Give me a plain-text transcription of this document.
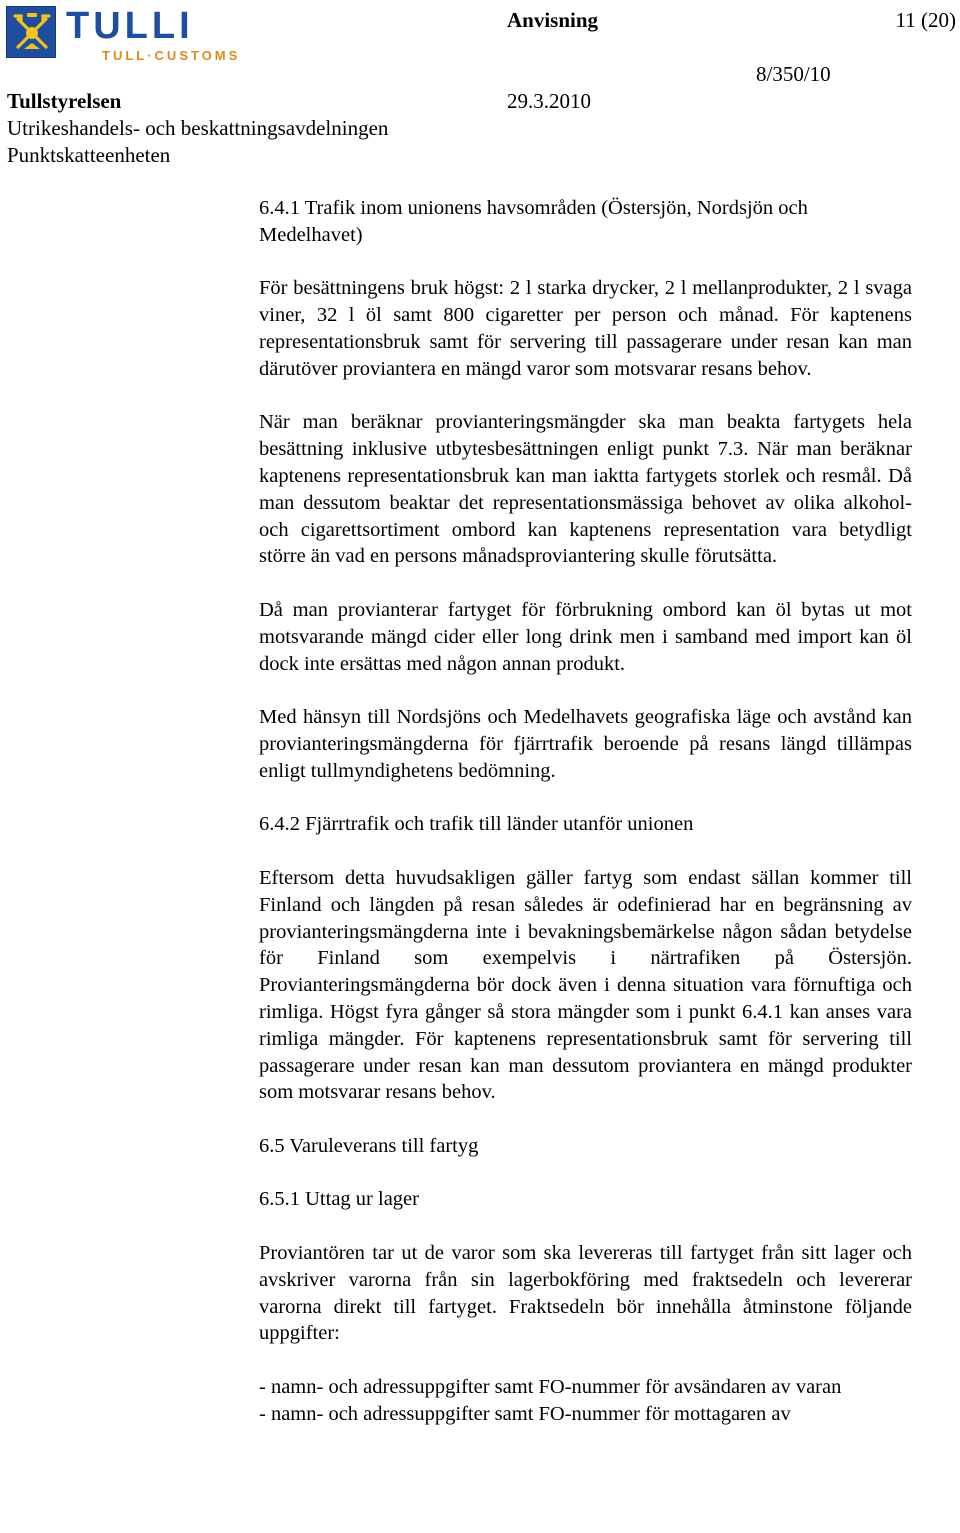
TULLI
TULL·CUSTOMS
Anvisning	11 (20)
8/350/10
Tullstyrelsen	29.3.2010
Utrikeshandels- och beskattningsavdelningen
Punktskatteenheten

6.4.1 Trafik inom unionens havsområden (Östersjön, Nordsjön och Medelhavet)

För besättningens bruk högst: 2 l starka drycker, 2 l mellanprodukter, 2 l svaga viner, 32 l öl samt 800 cigaretter per person och månad. För kaptenens representationsbruk samt för servering till passagerare under resan kan man därutöver proviantera en mängd varor som motsvarar resans behov.

När man beräknar provianteringsmängder ska man beakta fartygets hela besättning inklusive utbytesbesättningen enligt punkt 7.3. När man beräknar kaptenens representationsbruk kan man iaktta fartygets storlek och resmål. Då man dessutom beaktar det representationsmässiga behovet av olika alkohol- och cigarettsortiment ombord kan kaptenens representation vara betydligt större än vad en persons månadsproviantering skulle förutsätta.

Då man provianterar fartyget för förbrukning ombord kan öl bytas ut mot motsvarande mängd cider eller long drink men i samband med import kan öl dock inte ersättas med någon annan produkt.

Med hänsyn till Nordsjöns och Medelhavets geografiska läge och avstånd kan provianteringsmängderna för fjärrtrafik beroende på resans längd tillämpas enligt tullmyndighetens bedömning.

6.4.2 Fjärrtrafik och trafik till länder utanför unionen

Eftersom detta huvudsakligen gäller fartyg som endast sällan kommer till Finland och längden på resan således är odefinierad har en begränsning av provianteringsmängderna inte i bevakningsbemärkelse någon sådan betydelse för Finland som exempelvis i närtrafiken på Östersjön. Provianteringsmängderna bör dock även i denna situation vara förnuftiga och rimliga. Högst fyra gånger så stora mängder som i punkt 6.4.1 kan anses vara rimliga mängder. För kaptenens representationsbruk samt för servering till passagerare under resan kan man dessutom proviantera en mängd produkter som motsvarar resans behov.

6.5 Varuleverans till fartyg

6.5.1 Uttag ur lager

Proviantören tar ut de varor som ska levereras till fartyget från sitt lager och avskriver varorna från sin lagerbokföring med fraktsedeln och levererar varorna direkt till fartyget. Fraktsedeln bör innehålla åtminstone följande uppgifter:

- namn- och adressuppgifter samt FO-nummer för avsändaren av varan

- namn- och adressuppgifter samt FO-nummer för mottagaren av
